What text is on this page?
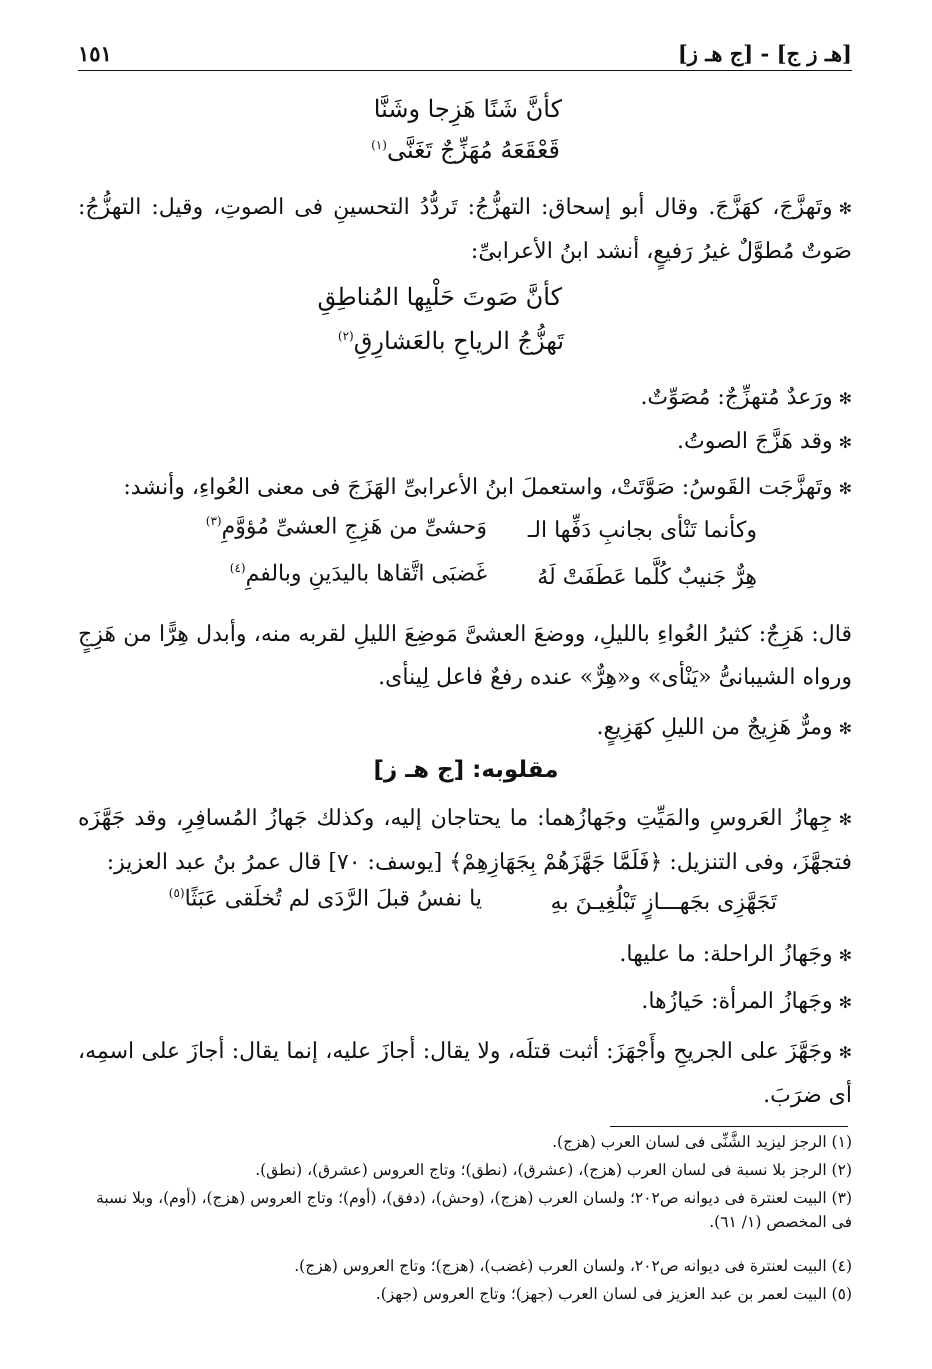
[هـ ز ج] - [ج هـ ز]
١٥١
كأنَّ شَنًا هَزِجا وشَنَّا
قَعْقَعَهُ مُهَزِّجٌ تَغَنَّى$^{(١)}$
✻وتَهزَّجَ، كهَزَّجَ. وقال أبو إسحاق: التهزُّجُ: تَردُّدُ التحسينِ فى الصوتِ، وقيل: التهزُّجُ: صَوتٌ مُطوَّلٌ غيرُ رَفيعٍ، أنشد ابنُ الأعرابىِّ:
كأنَّ صَوتَ حَلْيِها المُناطِقِ
تَهزُّجُ الرياحِ بالعَشارِقِ$^{(٢)}$
✻ورَعدٌ مُتهزِّجٌ: مُصَوِّتٌ.
✻وقد هَزَّجَ الصوتُ.
✻وتَهزَّجَت القَوسُ: صَوَّتَتْ، واستعملَ ابنُ الأعرابىِّ الهَزَجَ فى معنى العُواءِ، وأنشد:
وكأنما تَنْأى بجانبِ دَفِّها الـ
وَحشىِّ من هَزِجِ العشىِّ مُؤوَّمِ$^{(٣)}$
هِرٌّ جَنيبٌ كُلَّما عَطَفَتْ لَهُ
غَضبَى اتَّقاها باليدَينِ وبالفمِ$^{(٤)}$
قال: هَزِجٌ: كثيرُ العُواءِ بالليلِ، ووضعَ العشىَّ مَوضِعَ الليلِ لقربه منه، وأبدل هِرًّا من هَزِجٍ ورواه الشيبانىُّ «يَنْأى» و«هِرٌّ» عنده رفعٌ فاعل لِينأى.
✻ومرٌّ هَزِيجٌ من الليلِ كهَزِيعٍ.
مقلوبه: [ج هـ ز]
✻جِهازُ العَروسِ والمَيِّتِ وجَهازُهما: ما يحتاجان إليه، وكذلك جَهازُ المُسافِرِ، وقد جَهَّزَه فتجهَّزَ، وفى التنزيل: ﴿فَلَمَّا جَهَّزَهُمْ بِجَهَازِهِمْ﴾ [يوسف: ٧٠] قال عمرُ بنُ عبد العزيز:
تَجَهَّزِى بجَهـــازٍ تَبْلُغِيـنَ بهِ
يا نفسُ قبلَ الرَّدَى لم تُخلَقى عَبَثًا$^{(٥)}$
✻وجَهازُ الراحلة: ما عليها.
✻وجَهازُ المرأة: حَيازُها.
✻وجَهَّزَ على الجريحِ وأَجْهَزَ: أثبت قتلَه، ولا يقال: أجازَ عليه، إنما يقال: أجازَ على اسمِه، أى ضرَبَ.
(١) الرجز ليزيد الشَّنِّى فى لسان العرب (هزج).
(٢) الرجز بلا نسبة فى لسان العرب (هزج)، (عشرق)، (نطق)؛ وتاج العروس (عشرق)، (نطق).
(٣) البيت لعنترة فى ديوانه ص٢٠٢؛ ولسان العرب (هزج)، (وحش)، (دفق)، (أوم)؛ وتاج العروس (هزج)، (أوم)، وبلا نسبة فى المخصص (١/ ٦١).
(٤) البيت لعنترة فى ديوانه ص٢٠٢، ولسان العرب (غضب)، (هزج)؛ وتاج العروس (هزج).
(٥) البيت لعمر بن عبد العزيز فى لسان العرب (جهز)؛ وتاج العروس (جهز).
